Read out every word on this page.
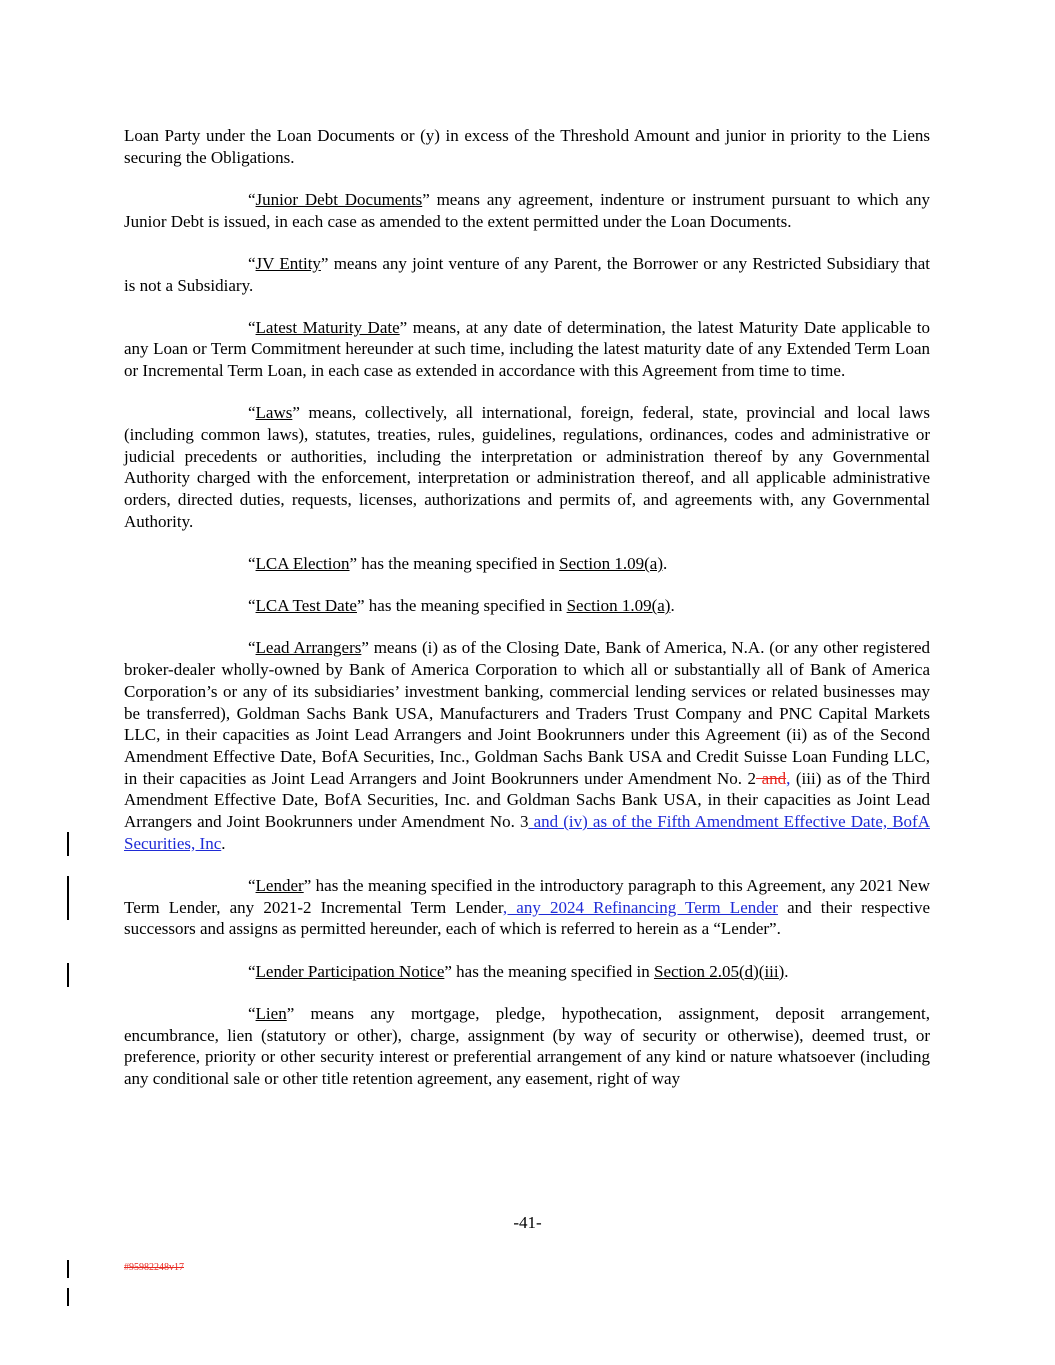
Loan Party under the Loan Documents or (y) in excess of the Threshold Amount and junior in priority to the Liens securing the Obligations.

“Junior Debt Documents” means any agreement, indenture or instrument pursuant to which any Junior Debt is issued, in each case as amended to the extent permitted under the Loan Documents.

“JV Entity” means any joint venture of any Parent, the Borrower or any Restricted Subsidiary that is not a Subsidiary.

“Latest Maturity Date” means, at any date of determination, the latest Maturity Date applicable to any Loan or Term Commitment hereunder at such time, including the latest maturity date of any Extended Term Loan or Incremental Term Loan, in each case as extended in accordance with this Agreement from time to time.

“Laws” means, collectively, all international, foreign, federal, state, provincial and local laws (including common laws), statutes, treaties, rules, guidelines, regulations, ordinances, codes and administrative or judicial precedents or authorities, including the interpretation or administration thereof by any Governmental Authority charged with the enforcement, interpretation or administration thereof, and all applicable administrative orders, directed duties, requests, licenses, authorizations and permits of, and agreements with, any Governmental Authority.

“LCA Election” has the meaning specified in Section 1.09(a).

“LCA Test Date” has the meaning specified in Section 1.09(a).

“Lead Arrangers” means (i) as of the Closing Date, Bank of America, N.A. (or any other registered broker-dealer wholly-owned by Bank of America Corporation to which all or substantially all of Bank of America Corporation’s or any of its subsidiaries’ investment banking, commercial lending services or related businesses may be transferred), Goldman Sachs Bank USA, Manufacturers and Traders Trust Company and PNC Capital Markets LLC, in their capacities as Joint Lead Arrangers and Joint Bookrunners under this Agreement (ii) as of the Second Amendment Effective Date, BofA Securities, Inc., Goldman Sachs Bank USA and Credit Suisse Loan Funding LLC, in their capacities as Joint Lead Arrangers and Joint Bookrunners under Amendment No. 2 and, (iii) as of the Third Amendment Effective Date, BofA Securities, Inc. and Goldman Sachs Bank USA, in their capacities as Joint Lead Arrangers and Joint Bookrunners under Amendment No. 3 and (iv) as of the Fifth Amendment Effective Date, BofA Securities, Inc.

“Lender” has the meaning specified in the introductory paragraph to this Agreement, any 2021 New Term Lender, any 2021-2 Incremental Term Lender, any 2024 Refinancing Term Lender and their respective successors and assigns as permitted hereunder, each of which is referred to herein as a “Lender”.

“Lender Participation Notice” has the meaning specified in Section 2.05(d)(iii).

“Lien” means any mortgage, pledge, hypothecation, assignment, deposit arrangement, encumbrance, lien (statutory or other), charge, assignment (by way of security or otherwise), deemed trust, or preference, priority or other security interest or preferential arrangement of any kind or nature whatsoever (including any conditional sale or other title retention agreement, any easement, right of way

-41-
#95982248v17
